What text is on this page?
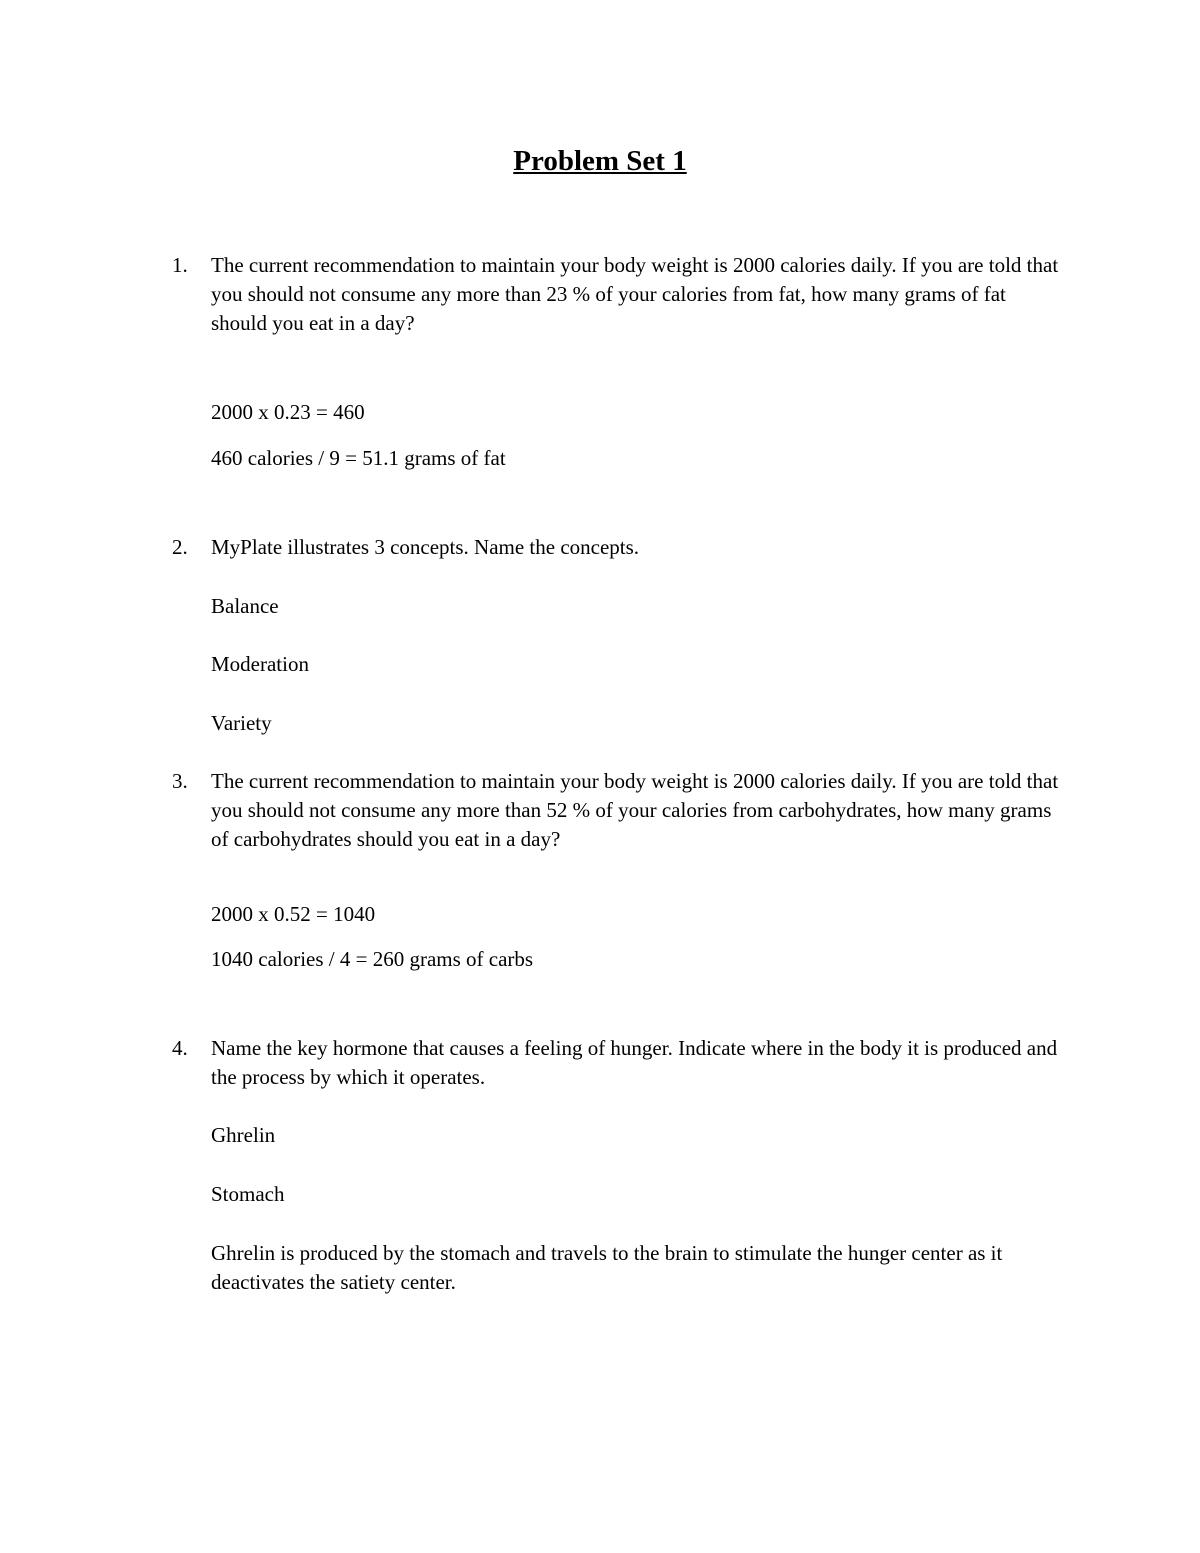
Problem Set 1
1.	The current recommendation to maintain your body weight is 2000 calories daily. If you are told that you should not consume any more than 23 % of your calories from fat, how many grams of fat should you eat in a day?
2000 x 0.23 = 460
460 calories / 9 = 51.1 grams of fat
2.	MyPlate illustrates 3 concepts. Name the concepts.
Balance
Moderation
Variety
3.	The current recommendation to maintain your body weight is 2000 calories daily. If you are told that you should not consume any more than 52 % of your calories from carbohydrates, how many grams of carbohydrates should you eat in a day?
2000 x 0.52 = 1040
1040 calories / 4 = 260 grams of carbs
4.	Name the key hormone that causes a feeling of hunger. Indicate where in the body it is produced and the process by which it operates.
Ghrelin
Stomach
Ghrelin is produced by the stomach and travels to the brain to stimulate the hunger center as it deactivates the satiety center.
